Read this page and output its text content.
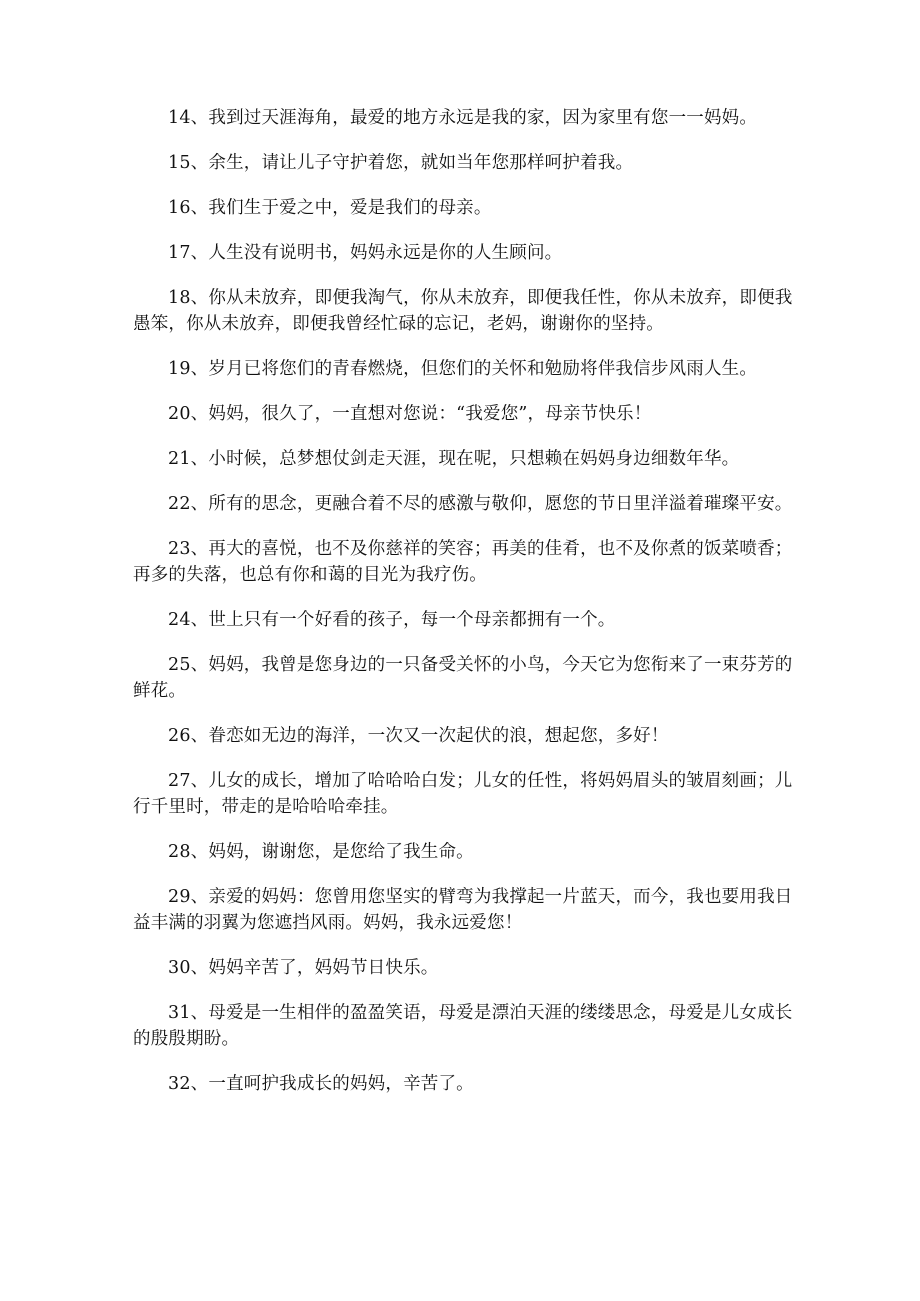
14、我到过天涯海角，最爱的地方永远是我的家，因为家里有您一一妈妈。

15、余生，请让儿子守护着您，就如当年您那样呵护着我。

16、我们生于爱之中，爱是我们的母亲。

17、人生没有说明书，妈妈永远是你的人生顾问。

18、你从未放弃，即便我淘气，你从未放弃，即便我任性，你从未放弃，即便我愚笨，你从未放弃，即便我曾经忙碌的忘记，老妈，谢谢你的坚持。

19、岁月已将您们的青春燃烧，但您们的关怀和勉励将伴我信步风雨人生。

20、妈妈，很久了，一直想对您说：“我爱您”，母亲节快乐！

21、小时候，总梦想仗剑走天涯，现在呢，只想赖在妈妈身边细数年华。

22、所有的思念，更融合着不尽的感激与敬仰，愿您的节日里洋溢着璀璨平安。

23、再大的喜悦，也不及你慈祥的笑容；再美的佳肴，也不及你煮的饭菜喷香；再多的失落，也总有你和蔼的目光为我疗伤。

24、世上只有一个好看的孩子，每一个母亲都拥有一个。

25、妈妈，我曾是您身边的一只备受关怀的小鸟，今天它为您衔来了一束芬芳的鲜花。

26、眷恋如无边的海洋，一次又一次起伏的浪，想起您，多好！

27、儿女的成长，增加了哈哈哈白发；儿女的任性，将妈妈眉头的皱眉刻画；儿行千里时，带走的是哈哈哈牵挂。

28、妈妈，谢谢您，是您给了我生命。

29、亲爱的妈妈：您曾用您坚实的臂弯为我撑起一片蓝天，而今，我也要用我日益丰满的羽翼为您遮挡风雨。妈妈，我永远爱您！

30、妈妈辛苦了，妈妈节日快乐。

31、母爱是一生相伴的盈盈笑语，母爱是漂泊天涯的缕缕思念，母爱是儿女成长的殷殷期盼。

32、一直呵护我成长的妈妈，辛苦了。
